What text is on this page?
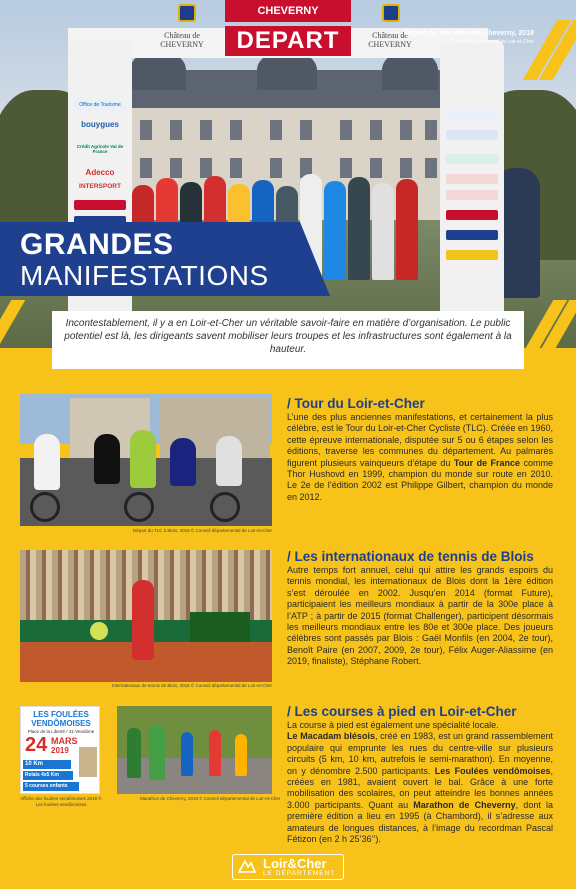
Office de Tourisme
bouygues
Crédit Agricole Val de France
Adecco
INTERSPORT
CHEVERNY
DEPART
Château de CHEVERNY
Château de CHEVERNY
Départ du marathon de Cheverny, 2018
© Conseil départemental de Loir-et-Cher
GRANDES
MANIFESTATIONS
Incontestablement, il y a en Loir-et-Cher un véritable savoir-faire en matière d’organisation. Le public potentiel est là, les dirigeants savent mobiliser leurs troupes et les infrastructures sont également à la hauteur.
Départ du TLC à Blois, 2019 © Conseil départemental de Loir-et-Cher
/ Tour du Loir-et-Cher
L’une des plus anciennes manifestations, et certainement la plus célèbre, est le Tour du Loir-et-Cher Cycliste (TLC). Créée en 1960, cette épreuve internationale, disputée sur 5 ou 6 étapes selon les éditions, traverse les communes du département. Au palmarès figurent plusieurs vainqueurs d’étape du Tour de France comme Thor Hushovd en 1999, champion du monde sur route en 2010. Le 2e de l’édition 2002 est Philippe Gilbert, champion du monde en 2012.
Internationaux de tennis de Blois, 2016 © Conseil départemental de Loir-et-Cher
/ Les internationaux de tennis de Blois
Autre temps fort annuel, celui qui attire les grands espoirs du tennis mondial, les internationaux de Blois dont la 1ère édition s’est déroulée en 2002. Jusqu’en 2014 (format Future), participaient les meilleurs mondiaux à partir de la 300e place à l’ATP ; à partir de 2015 (format Challenger), participent désormais les meilleurs mondiaux entre les 80e et 300e place. Des joueurs célèbres sont passés par Blois : Gaël Monfils (en 2004, 2e tour), Benoît Paire (en 2007, 2009, 2e tour), Félix Auger-Aliassime (en 2019, finaliste), Stéphane Robert.
LES FOULÉES
VENDÔMOISES
Place de la Liberté / 41-Vendôme
24 MARS
2019
10 Km
Relais 4x5 Km
5 courses enfants
Affiche des foulées vendômoises 2019 © Les foulées vendômoises
Marathon de Cheverny, 2018 © Conseil départemental de Loir-et-Cher
/ Les courses à pied en Loir-et-Cher
La course à pied est également une spécialité locale.
Le Macadam blésois, créé en 1983, est un grand rassemblement populaire qui emprunte les rues du centre-ville sur plusieurs circuits (5 km, 10 km, autrefois le semi-marathon). En moyenne, on y dénombre 2.500 participants. Les Foulées vendômoises, créées en 1981, avaient ouvert le bal. Grâce à une forte mobilisation des scolaires, on peut atteindre les bonnes années 3.000 participants. Quant au Marathon de Cheverny, dont la première édition a lieu en 1995 (à Chambord), il s’adresse aux amateurs de longues distances, à l’image du recordman Pascal Fétizon (en 2 h 25’36’’).
Loir&Cher
LE DÉPARTEMENT
